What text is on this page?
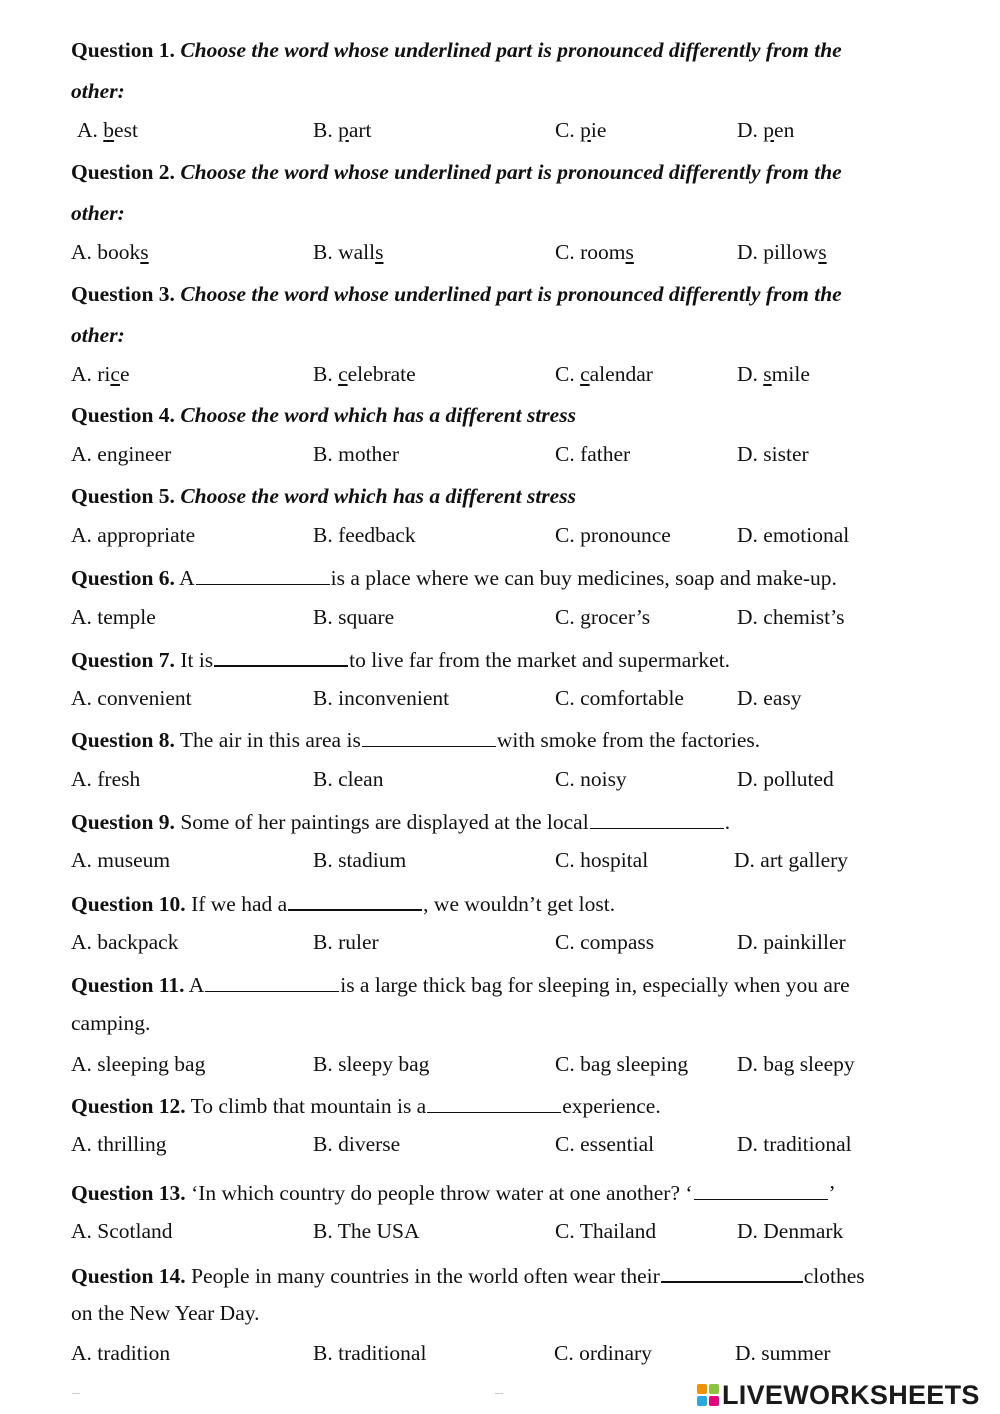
Question 1. Choose the word whose underlined part is pronounced differently from the
other:
A. best	B. part	C. pie	D. pen
Question 2. Choose the word whose underlined part is pronounced differently from the
other:
A. books	B. walls	C. rooms	D. pillows
Question 3. Choose the word whose underlined part is pronounced differently from the
other:
A. rice	B. celebrate	C. calendar	D. smile
Question 4. Choose the word which has a different stress
A. engineer	B. mother	C. father	D. sister
Question 5. Choose the word which has a different stress
A. appropriate	B. feedback	C. pronounce	D. emotional
Question 6. A	is a place where we can buy medicines, soap and make-up.
A. temple	B. square	C. grocer’s	D. chemist’s
Question 7. It is	to live far from the market and supermarket.
A. convenient	B. inconvenient	C. comfortable D. easy
Question 8. The air in this area is	with smoke from the factories.
A. fresh	B. clean	C. noisy	D. polluted
Question 9. Some of her paintings are displayed at the local	.
A. museum	B. stadium	C. hospital	D. art gallery
Question 10. If we had a	, we wouldn’t get lost.
A. backpack	B. ruler	C. compass	D. painkiller
Question 11. A	is a large thick bag for sleeping in, especially when you are
camping.
A. sleeping bag	B. sleepy bag	C. bag sleeping D. bag sleepy
Question 12. To climb that mountain is a	experience.
A. thrilling	B. diverse	C. essential	D. traditional
Question 13. ‘In which country do people throw water at one another? ‘	’
A. Scotland	B. The USA	C. Thailand	D. Denmark
Question 14. People in many countries in the world often wear their	clothes
on the New Year Day.
A. tradition	B. traditional	C. ordinary	D. summer
LIVEWORKSHEETS
